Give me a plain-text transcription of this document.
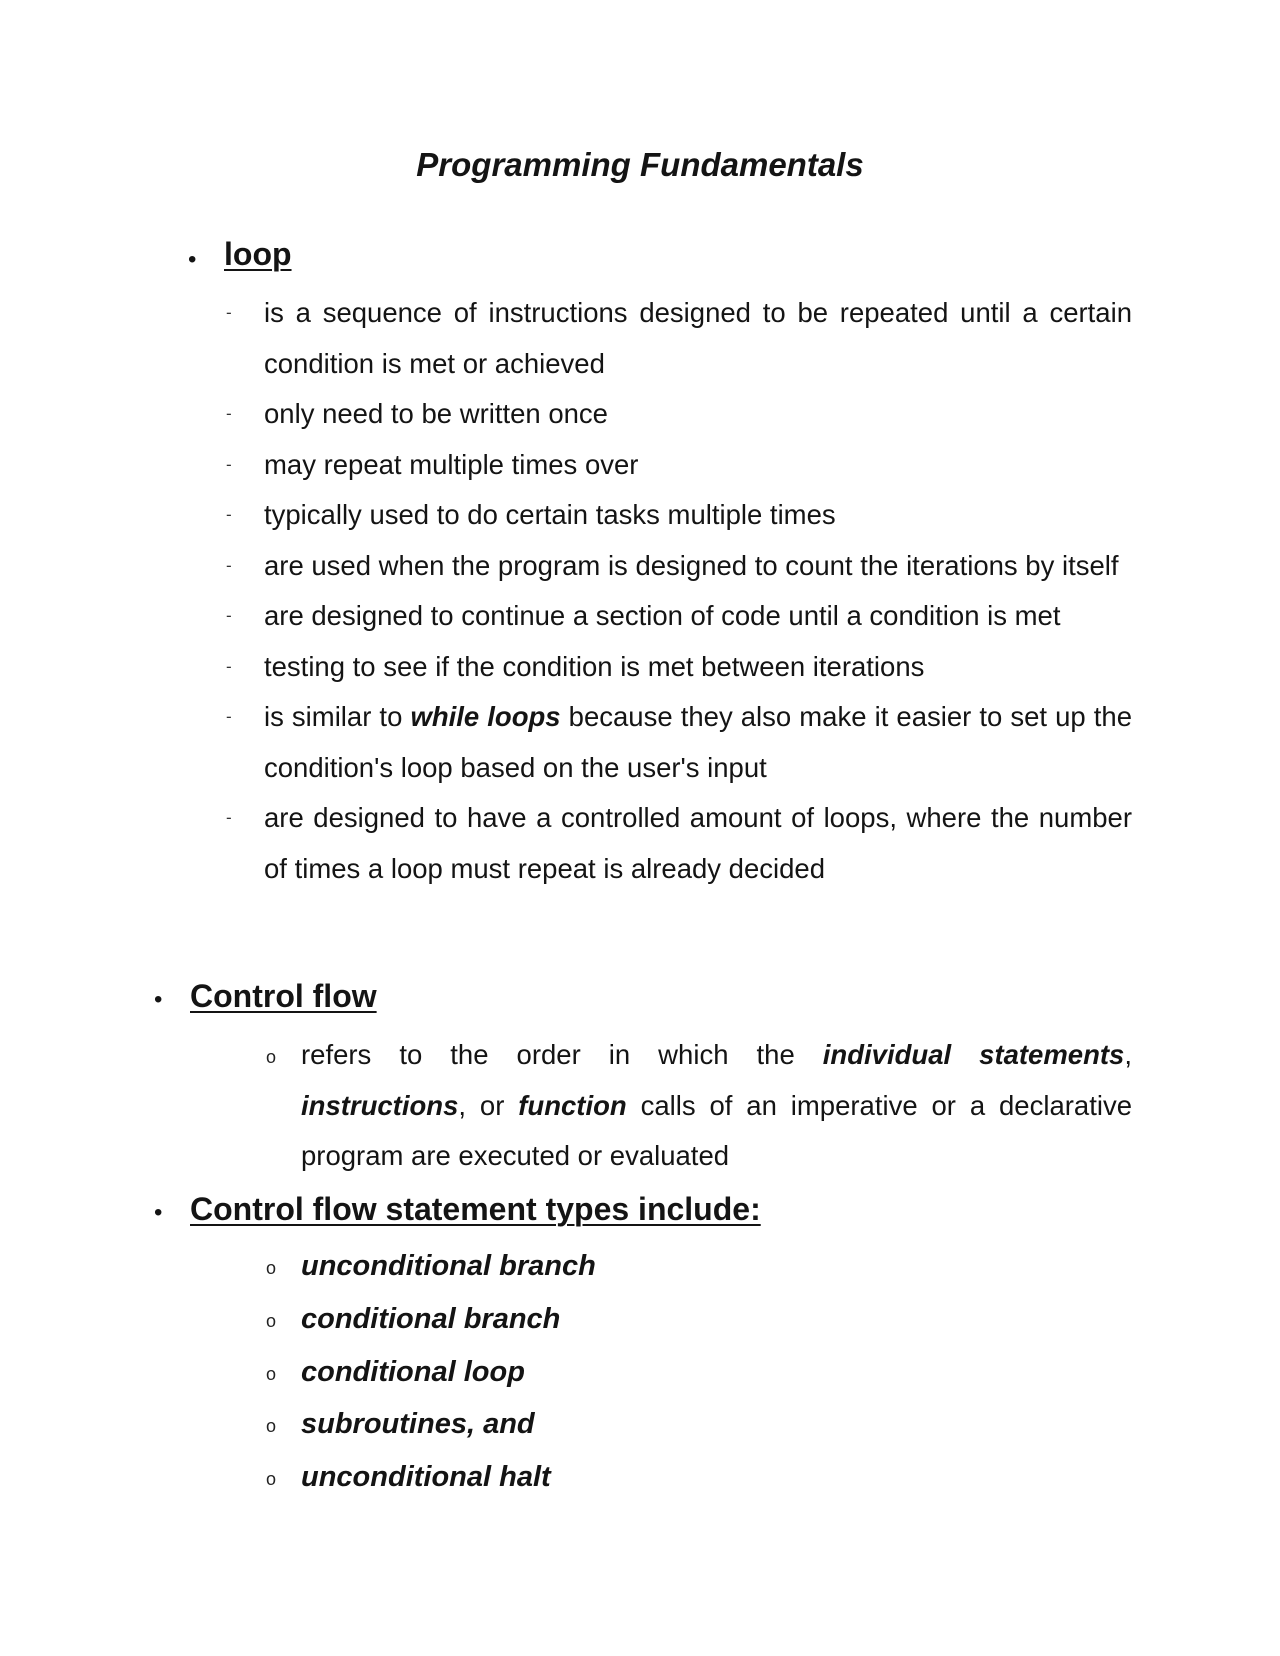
Programming Fundamentals
• loop
- is a sequence of instructions designed to be repeated until a certain condition is met or achieved
- only need to be written once
- may repeat multiple times over
- typically used to do certain tasks multiple times
- are used when the program is designed to count the iterations by itself
- are designed to continue a section of code until a condition is met
- testing to see if the condition is met between iterations
- is similar to while loops because they also make it easier to set up the condition's loop based on the user's input
- are designed to have a controlled amount of loops, where the number of times a loop must repeat is already decided
• Control flow
o refers to the order in which the individual statements, instructions, or function calls of an imperative or a declarative program are executed or evaluated
• Control flow statement types include:
o unconditional branch
o conditional branch
o conditional loop
o subroutines, and
o unconditional halt
